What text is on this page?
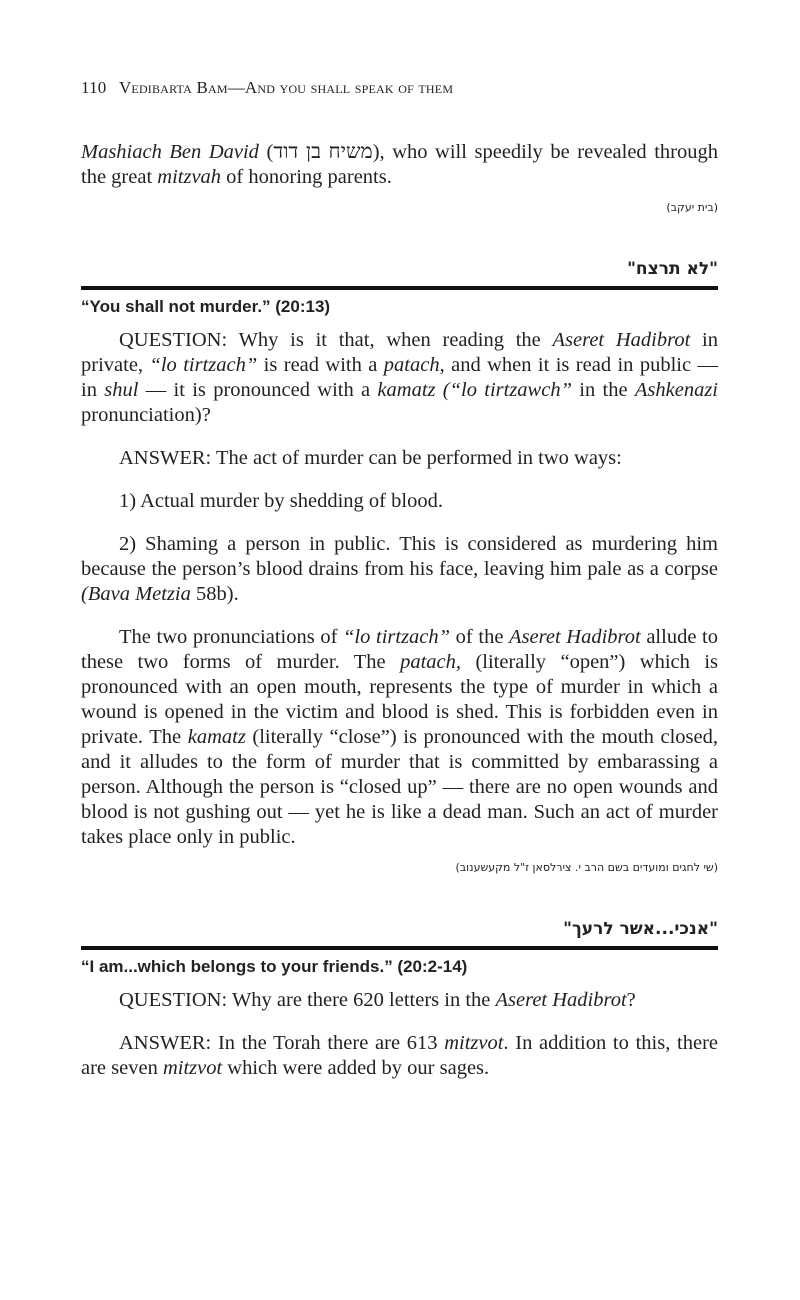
110 Vedibarta Bam—And you shall speak of them

Mashiach Ben David (משיח בן דוד), who will speedily be revealed through the great mitzvah of honoring parents.

(בית יעקב)

"לא תרצח"
“You shall not murder.” (20:13)

QUESTION: Why is it that, when reading the Aseret Hadibrot in private, “lo tirtzach” is read with a patach, and when it is read in public — in shul — it is pronounced with a kamatz (“lo tirtzawch” in the Ashkenazi pronunciation)?

ANSWER: The act of murder can be performed in two ways:

1) Actual murder by shedding of blood.

2) Shaming a person in public. This is considered as murdering him because the person’s blood drains from his face, leaving him pale as a corpse (Bava Metzia 58b).

The two pronunciations of “lo tirtzach” of the Aseret Hadibrot allude to these two forms of murder. The patach, (literally “open”) which is pronounced with an open mouth, represents the type of murder in which a wound is opened in the victim and blood is shed. This is forbidden even in private. The kamatz (literally “close”) is pronounced with the mouth closed, and it alludes to the form of murder that is committed by embarassing a person. Although the person is “closed up” — there are no open wounds and blood is not gushing out — yet he is like a dead man. Such an act of murder takes place only in public.

(שי לחגים ומועדים בשם הרב י. צירלסאן ז"ל מקעשענוב)

"אנכי...אשר לרעך"
“I am...which belongs to your friends.” (20:2-14)

QUESTION: Why are there 620 letters in the Aseret Hadibrot?

ANSWER: In the Torah there are 613 mitzvot. In addition to this, there are seven mitzvot which were added by our sages.
